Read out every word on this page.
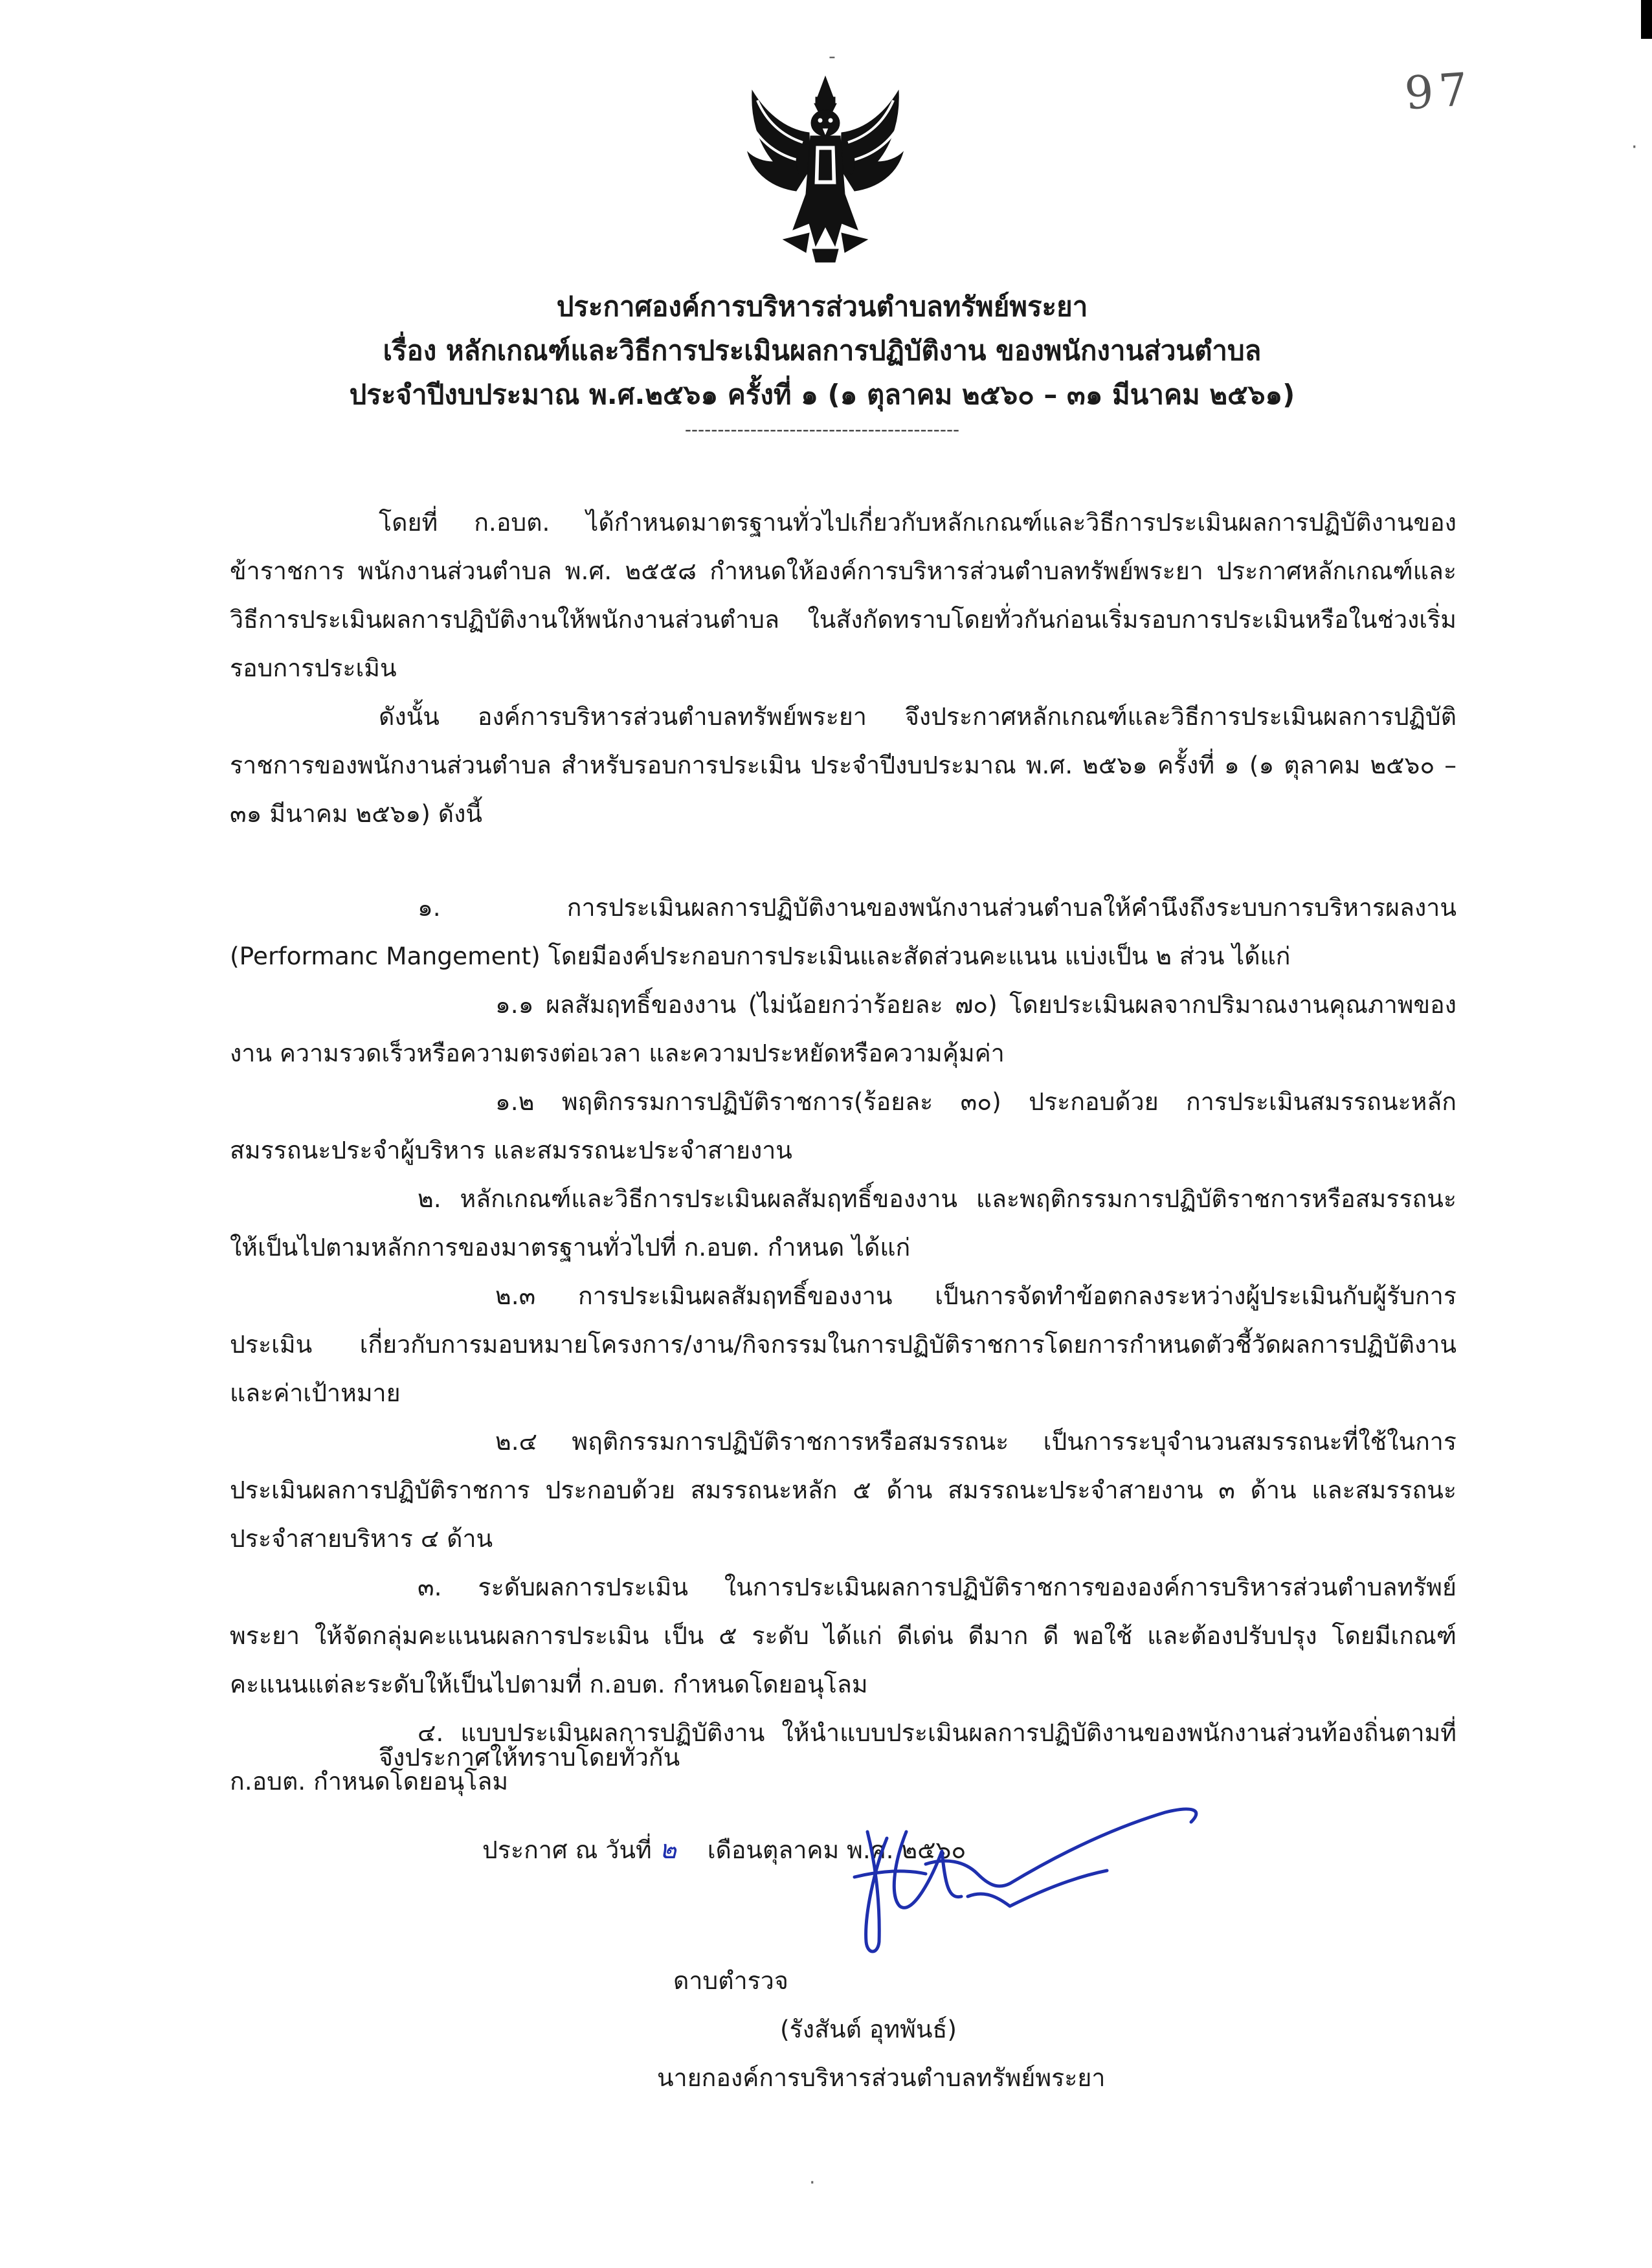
-
·
·
97
ประกาศองค์การบริหารส่วนตำบลทรัพย์พระยา
เรื่อง หลักเกณฑ์และวิธีการประเมินผลการปฏิบัติงาน ของพนักงานส่วนตำบล
ประจำปีงบประมาณ พ.ศ.๒๕๖๑ ครั้งที่ ๑ (๑ ตุลาคม ๒๕๖๐ – ๓๑ มีนาคม ๒๕๖๑)
------------------------------------------

โดยที่ ก.อบต. ได้กำหนดมาตรฐานทั่วไปเกี่ยวกับหลักเกณฑ์และวิธีการประเมินผลการปฏิบัติงานของข้าราชการ พนักงานส่วนตำบล พ.ศ. ๒๕๕๘ กำหนดให้องค์การบริหารส่วนตำบลทรัพย์พระยา ประกาศหลักเกณฑ์และวิธีการประเมินผลการปฏิบัติงานให้พนักงานส่วนตำบล ในสังกัดทราบโดยทั่วกันก่อนเริ่มรอบการประเมินหรือในช่วงเริ่มรอบการประเมิน

ดังนั้น องค์การบริหารส่วนตำบลทรัพย์พระยา จึงประกาศหลักเกณฑ์และวิธีการประเมินผลการปฏิบัติราชการของพนักงานส่วนตำบล สำหรับรอบการประเมิน ประจำปีงบประมาณ พ.ศ. ๒๕๖๑ ครั้งที่ ๑ (๑ ตุลาคม ๒๕๖๐ – ๓๑ มีนาคม ๒๕๖๑) ดังนี้

๑. การประเมินผลการปฏิบัติงานของพนักงานส่วนตำบลให้คำนึงถึงระบบการบริหารผลงาน (Performanc Mangement) โดยมีองค์ประกอบการประเมินและสัดส่วนคะแนน แบ่งเป็น ๒ ส่วน ได้แก่

๑.๑ ผลสัมฤทธิ์ของงาน (ไม่น้อยกว่าร้อยละ ๗๐) โดยประเมินผลจากปริมาณงานคุณภาพของงาน ความรวดเร็วหรือความตรงต่อเวลา และความประหยัดหรือความคุ้มค่า

๑.๒ พฤติกรรมการปฏิบัติราชการ(ร้อยละ ๓๐) ประกอบด้วย การประเมินสมรรถนะหลัก สมรรถนะประจำผู้บริหาร และสมรรถนะประจำสายงาน

๒. หลักเกณฑ์และวิธีการประเมินผลสัมฤทธิ์ของงาน และพฤติกรรมการปฏิบัติราชการหรือสมรรถนะ ให้เป็นไปตามหลักการของมาตรฐานทั่วไปที่ ก.อบต. กำหนด ได้แก่

๒.๓ การประเมินผลสัมฤทธิ์ของงาน เป็นการจัดทำข้อตกลงระหว่างผู้ประเมินกับผู้รับการประเมิน เกี่ยวกับการมอบหมายโครงการ/งาน/กิจกรรมในการปฏิบัติราชการโดยการกำหนดตัวชี้วัดผลการปฏิบัติงาน และค่าเป้าหมาย

๒.๔ พฤติกรรมการปฏิบัติราชการหรือสมรรถนะ เป็นการระบุจำนวนสมรรถนะที่ใช้ในการประเมินผลการปฏิบัติราชการ ประกอบด้วย สมรรถนะหลัก ๕ ด้าน สมรรถนะประจำสายงาน ๓ ด้าน และสมรรถนะประจำสายบริหาร ๔ ด้าน

๓. ระดับผลการประเมิน ในการประเมินผลการปฏิบัติราชการขององค์การบริหารส่วนตำบลทรัพย์พระยา ให้จัดกลุ่มคะแนนผลการประเมิน เป็น ๕ ระดับ ได้แก่ ดีเด่น ดีมาก ดี พอใช้ และต้องปรับปรุง โดยมีเกณฑ์คะแนนแต่ละระดับให้เป็นไปตามที่ ก.อบต. กำหนดโดยอนุโลม

๔. แบบประเมินผลการปฏิบัติงาน ให้นำแบบประเมินผลการปฏิบัติงานของพนักงานส่วนท้องถิ่นตามที่ ก.อบต. กำหนดโดยอนุโลม

จึงประกาศให้ทราบโดยทั่วกัน
ประกาศ ณ วันที่ ๒ เดือนตุลาคม พ.ศ. ๒๕๖๐
ดาบตำรวจ
(รังสันต์ อุทพันธ์)
นายกองค์การบริหารส่วนตำบลทรัพย์พระยา
